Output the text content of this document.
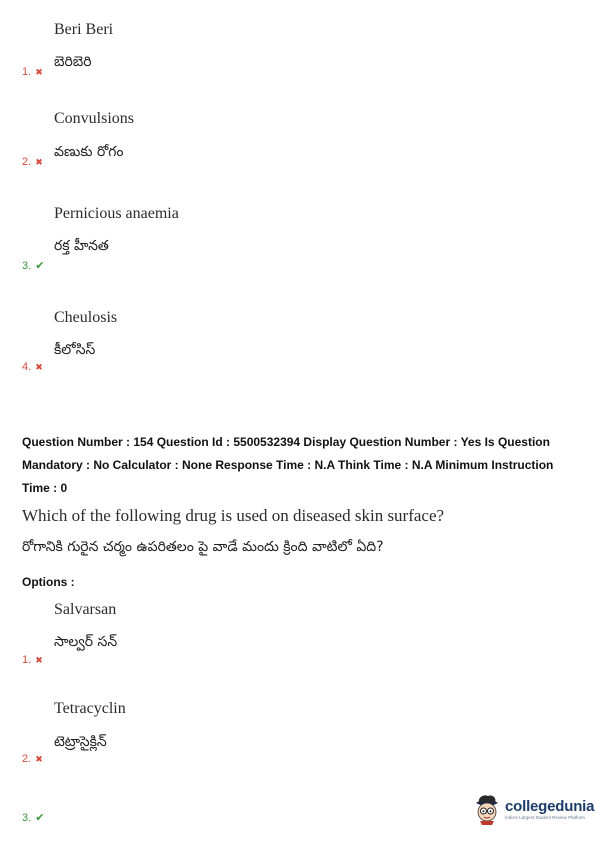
Beri Beri
1. ✖
బెరిబెరి
Convulsions
2. ✖
వణుకు రోగం
Pernicious anaemia
రక్త హీనత
3. ✔
Cheulosis
కీలోసిస్
4. ✖
Question Number : 154 Question Id : 5500532394 Display Question Number : Yes Is Question Mandatory : No Calculator : None Response Time : N.A Think Time : N.A Minimum Instruction Time : 0
Which of the following drug is used on diseased skin surface?
రోగానికి గురైన చర్మం ఉపరితలం పై వాడే మందు క్రింది వాటిలో ఏది?
Options :
Salvarsan
సాల్వర్ సన్
1. ✖
Tetracyclin
టెట్రాసైక్లిన్
2. ✖
3. ✔
collegedunia
India's Largest Student Review Platform
